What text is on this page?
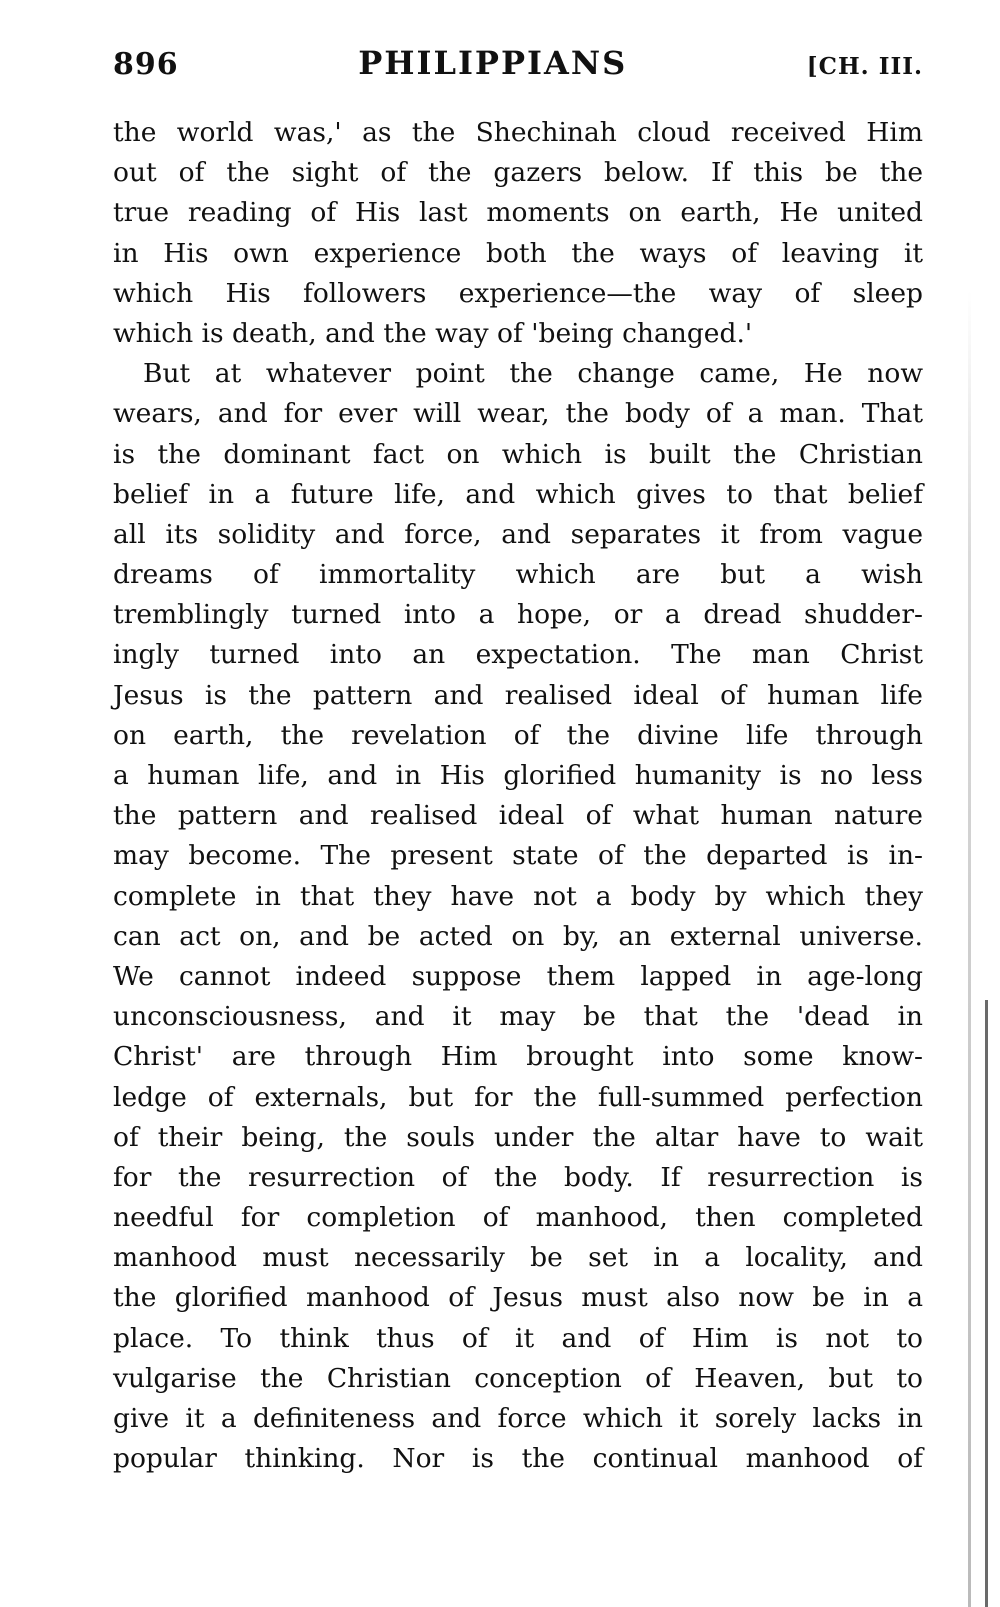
896	PHILIPPIANS	[CH. III.
the world was,' as the Shechinah cloud received Him
out of the sight of the gazers below. If this be the
true reading of His last moments on earth, He united
in His own experience both the ways of leaving it
which His followers experience—the way of sleep
which is death, and the way of 'being changed.'
But at whatever point the change came, He now
wears, and for ever will wear, the body of a man. That
is the dominant fact on which is built the Christian
belief in a future life, and which gives to that belief
all its solidity and force, and separates it from vague
dreams of immortality which are but a wish
tremblingly turned into a hope, or a dread shudder-
ingly turned into an expectation. The man Christ
Jesus is the pattern and realised ideal of human life
on earth, the revelation of the divine life through
a human life, and in His glorified humanity is no less
the pattern and realised ideal of what human nature
may become. The present state of the departed is in-
complete in that they have not a body by which they
can act on, and be acted on by, an external universe.
We cannot indeed suppose them lapped in age-long
unconsciousness, and it may be that the 'dead in
Christ' are through Him brought into some know-
ledge of externals, but for the full-summed perfection
of their being, the souls under the altar have to wait
for the resurrection of the body. If resurrection is
needful for completion of manhood, then completed
manhood must necessarily be set in a locality, and
the glorified manhood of Jesus must also now be in a
place. To think thus of it and of Him is not to
vulgarise the Christian conception of Heaven, but to
give it a definiteness and force which it sorely lacks in
popular thinking. Nor is the continual manhood of
